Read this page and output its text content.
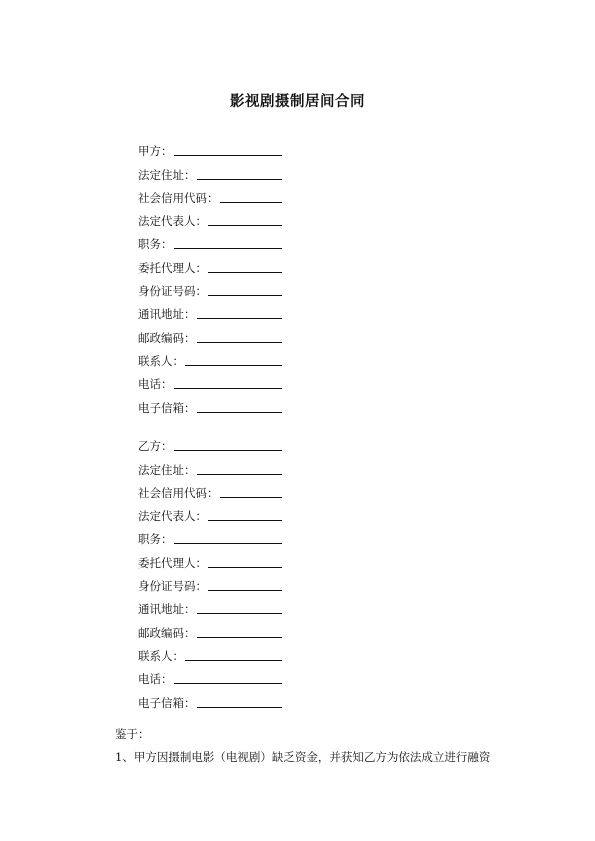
影视剧摄制居间合同
甲方：
法定住址：
社会信用代码：
法定代表人：
职务：
委托代理人：
身份证号码：
通讯地址：
邮政编码：
联系人：
电话：
电子信箱：
乙方：
法定住址：
社会信用代码：
法定代表人：
职务：
委托代理人：
身份证号码：
通讯地址：
邮政编码：
联系人：
电话：
电子信箱：
鉴于：
1、甲方因摄制电影（电视剧）缺乏资金，并获知乙方为依法成立进行融资
